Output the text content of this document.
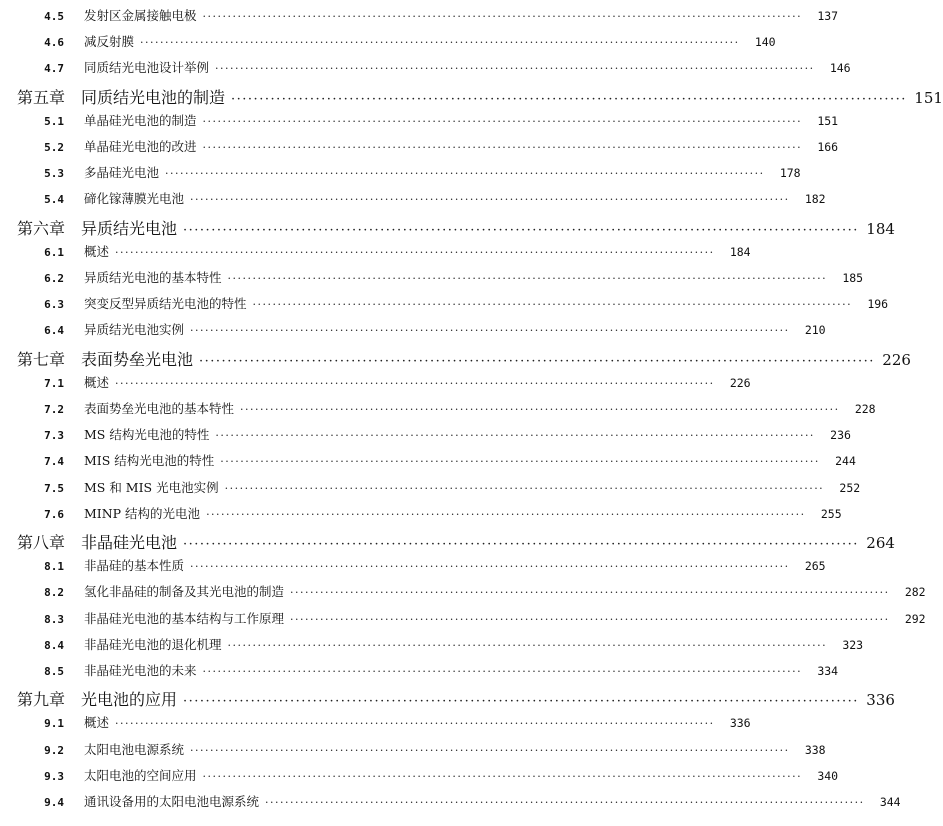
4.5 发射区金属接触电极 ························································································································	137
4.6 减反射膜 ························································································································	140
4.7 同质结光电池设计举例 ························································································································	146
第五章 同质结光电池的制造 ························································································································ 151
5.1 单晶硅光电池的制造 ························································································································	151
5.2 单晶硅光电池的改进 ························································································································	166
5.3 多晶硅光电池 ························································································································	178
5.4 碲化镓薄膜光电池 ························································································································	182
第六章 异质结光电池 ························································································································ 184
6.1 概述 ························································································································	184
6.2 异质结光电池的基本特性 ························································································································	185
6.3 突变反型异质结光电池的特性 ························································································································	196
6.4 异质结光电池实例 ························································································································	210
第七章 表面势垒光电池 ························································································································ 226
7.1 概述 ························································································································	226
7.2 表面势垒光电池的基本特性 ························································································································	228
7.3 MS 结构光电池的特性 ························································································································	236
7.4 MIS 结构光电池的特性 ························································································································	244
7.5 MS 和 MIS 光电池实例 ························································································································	252
7.6 MINP 结构的光电池 ························································································································	255
第八章 非晶硅光电池 ························································································································ 264
8.1 非晶硅的基本性质 ························································································································	265
8.2 氢化非晶硅的制备及其光电池的制造 ························································································································	282
8.3 非晶硅光电池的基本结构与工作原理 ························································································································	292
8.4 非晶硅光电池的退化机理 ························································································································	323
8.5 非晶硅光电池的未来 ························································································································	334
第九章 光电池的应用 ························································································································ 336
9.1 概述 ························································································································	336
9.2 太阳电池电源系统 ························································································································	338
9.3 太阳电池的空间应用 ························································································································	340
9.4 通讯设备用的太阳电池电源系统 ························································································································	344
